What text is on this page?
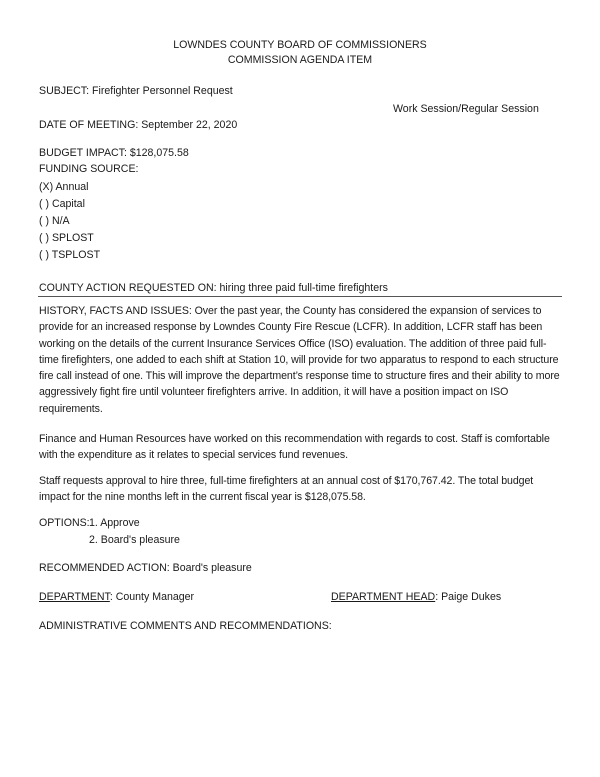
LOWNDES COUNTY BOARD OF COMMISSIONERS
COMMISSION AGENDA ITEM
SUBJECT: Firefighter Personnel Request
Work Session/Regular Session
DATE OF MEETING: September 22, 2020
BUDGET IMPACT: $128,075.58
FUNDING SOURCE:
(X) Annual
( ) Capital
( ) N/A
( ) SPLOST
( ) TSPLOST
COUNTY ACTION REQUESTED ON: hiring three paid full-time firefighters
HISTORY, FACTS AND ISSUES: Over the past year, the County has considered the expansion of services to provide for an increased response by Lowndes County Fire Rescue (LCFR). In addition, LCFR staff has been working on the details of the current Insurance Services Office (ISO) evaluation. The addition of three paid full-time firefighters, one added to each shift at Station 10, will provide for two apparatus to respond to each structure fire call instead of one. This will improve the department’s response time to structure fires and their ability to more aggressively fight fire until volunteer firefighters arrive. In addition, it will have a position impact on ISO requirements.
Finance and Human Resources have worked on this recommendation with regards to cost. Staff is comfortable with the expenditure as it relates to special services fund revenues.
Staff requests approval to hire three, full-time firefighters at an annual cost of $170,767.42. The total budget impact for the nine months left in the current fiscal year is $128,075.58.
OPTIONS: 1. Approve
2. Board's pleasure
RECOMMENDED ACTION: Board's pleasure
DEPARTMENT: County Manager	DEPARTMENT HEAD: Paige Dukes
ADMINISTRATIVE COMMENTS AND RECOMMENDATIONS:
